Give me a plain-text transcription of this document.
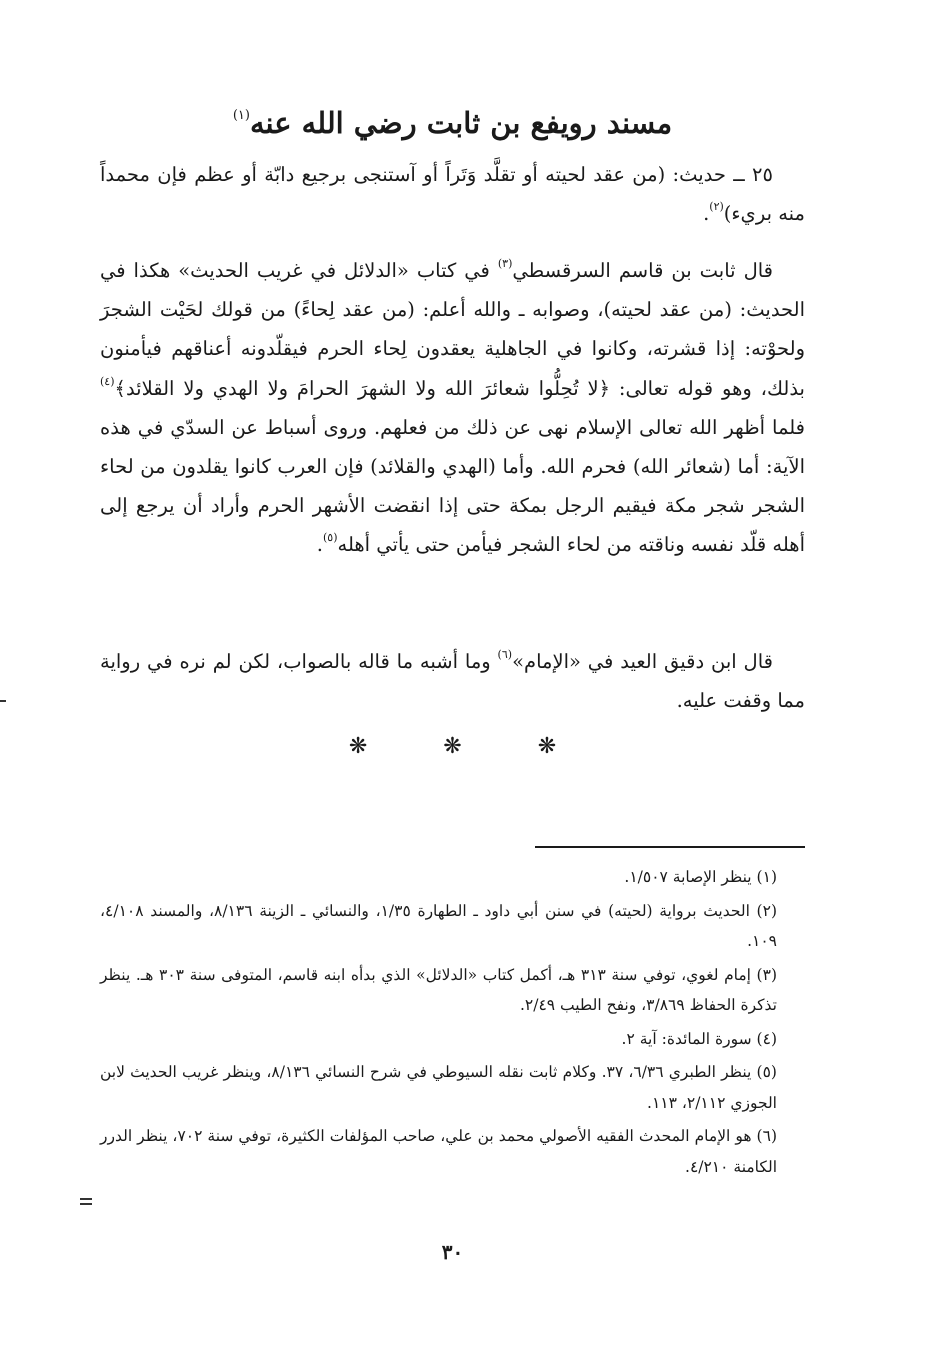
مسند رويفع بن ثابت رضي الله عنه$^{(١)}$
٢٥ ــ حديث: (من عقد لحيته أو تقلَّد وَتَراً أو آستنجى برجيع دابّة أو عظم فإن محمداً منه بريء)$^{(٢)}$.
قال ثابت بن قاسم السرقسطي$^{(٣)}$ في كتاب «الدلائل في غريب الحديث» هكذا في الحديث: (من عقد لحيته)، وصوابه ـ والله أعلم: (من عقد لِحاءً) من قولك لحَيْت الشجرَ ولحوْته: إذا قشرته، وكانوا في الجاهلية يعقدون لِحاء الحرم فيقلّدونه أعناقهم فيأمنون بذلك، وهو قوله تعالى: ﴿لا تُحِلُّوا شعائرَ الله ولا الشهرَ الحرامَ ولا الهدي ولا القلائد﴾$^{(٤)}$ فلما أظهر الله تعالى الإسلام نهى عن ذلك من فعلهم. وروى أسباط عن السدّي في هذه الآية: أما (شعائر الله) فحرم الله. وأما (الهدي والقلائد) فإن العرب كانوا يقلدون من لحاء الشجر شجر مكة فيقيم الرجل بمكة حتى إذا انقضت الأشهر الحرم وأراد أن يرجع إلى أهله قلّد نفسه وناقته من لحاء الشجر فيأمن حتى يأتي أهله$^{(٥)}$.
قال ابن دقيق العيد في «الإمام»$^{(٦)}$ وما أشبه ما قاله بالصواب، لكن لم نره في رواية مما وقفت عليه.
❋	❋	❋
(١) ينظر الإصابة ١/٥٠٧.
(٢) الحديث برواية (لحيته) في سنن أبي داود ـ الطهارة ١/٣٥، والنسائي ـ الزينة ٨/١٣٦، والمسند ٤/١٠٨، ١٠٩.
(٣) إمام لغوي، توفي سنة ٣١٣ هـ، أكمل كتاب «الدلائل» الذي بدأه ابنه قاسم، المتوفى سنة ٣٠٣ هـ. ينظر تذكرة الحفاظ ٣/٨٦٩، ونفح الطيب ٢/٤٩.
(٤) سورة المائدة: آية ٢.
(٥) ينظر الطبري ٦/٣٦، ٣٧. وكلام ثابت نقله السيوطي في شرح النسائي ٨/١٣٦، وينظر غريب الحديث لابن الجوزي ٢/١١٢، ١١٣.
(٦) هو الإمام المحدث الفقيه الأصولي محمد بن علي، صاحب المؤلفات الكثيرة، توفي سنة ٧٠٢، ينظر الدرر الكامنة ٤/٢١٠.
٣٠
